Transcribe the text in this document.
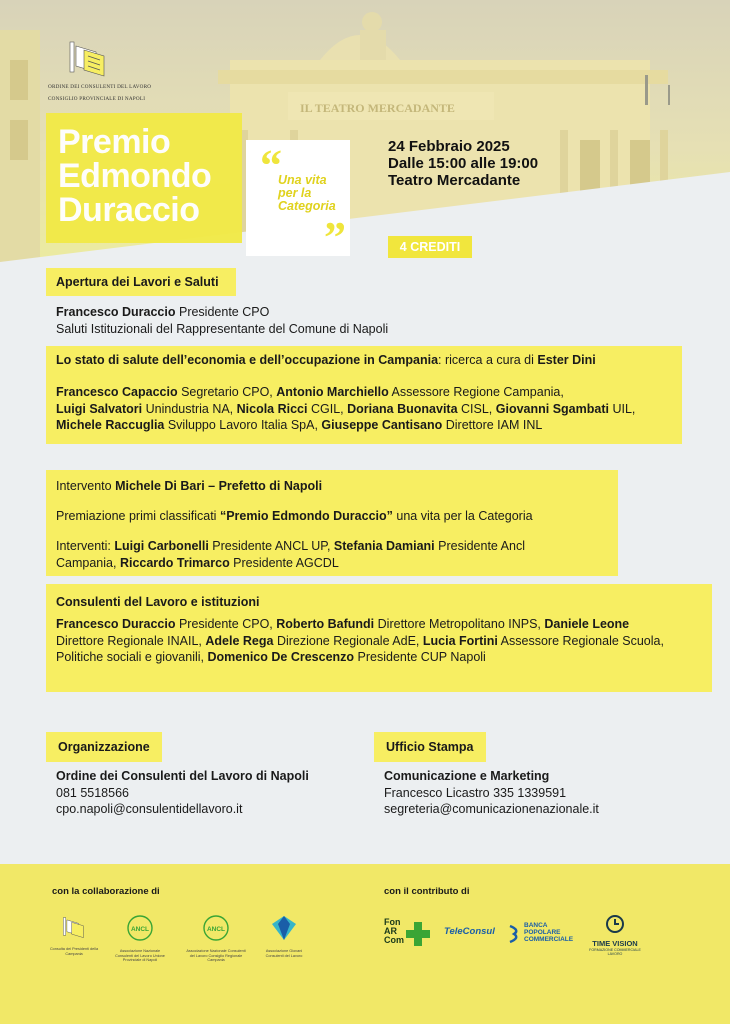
IL TEATRO MERCADANTE
ORDINE DEI CONSULENTI DEL LAVORO
CONSIGLIO PROVINCIALE DI NAPOLI
Premio
Edmondo
Duraccio
“
Una vita
per la
Categoria
”
24 Febbraio 2025
Dalle 15:00 alle 19:00
Teatro Mercadante
4 CREDITI
Apertura dei Lavori e Saluti
Francesco Duraccio Presidente CPO
Saluti Istituzionali del Rappresentante del Comune di Napoli
Lo stato di salute dell’economia e dell’occupazione in Campania: ricerca a cura di Ester Dini
Francesco Capaccio Segretario CPO, Antonio Marchiello Assessore Regione Campania,
Luigi Salvatori Unindustria NA, Nicola Ricci CGIL, Doriana Buonavita CISL, Giovanni Sgambati UIL,
Michele Raccuglia Sviluppo Lavoro Italia SpA, Giuseppe Cantisano Direttore IAM INL
Intervento Michele Di Bari – Prefetto di Napoli
Premiazione primi classificati “Premio Edmondo Duraccio” una vita per la Categoria
Interventi: Luigi Carbonelli Presidente ANCL UP, Stefania Damiani Presidente Ancl
Campania, Riccardo Trimarco Presidente AGCDL
Consulenti del Lavoro e istituzioni
Francesco Duraccio Presidente CPO, Roberto Bafundi Direttore Metropolitano INPS, Daniele Leone
Direttore Regionale INAIL, Adele Rega Direzione Regionale AdE, Lucia Fortini Assessore Regionale Scuola,
Politiche sociali e giovanili, Domenico De Crescenzo Presidente CUP Napoli
Organizzazione
Ordine dei Consulenti del Lavoro di Napoli
081 5518566
cpo.napoli@consulentidellavoro.it
Ufficio Stampa
Comunicazione e Marketing
Francesco Licastro 335 1339591
segreteria@comunicazionenazionale.it
con la collaborazione di	con il contributo di
Consulta dei Presidenti della Campania
ANCL
Associazione Nazionale Consulenti del Lavoro Unione Provinciale di Napoli
ANCL
Associazione Nazionale Consulenti del Lavoro Consiglio Regionale Campania
Associazione Giovani Consulenti del Lavoro
Fon
AR
Com
TeleConsul
BANCA
POPOLARE
COMMERCIALE	TIME VISION
FORMAZIONE COMMERCIALE LAVORO
